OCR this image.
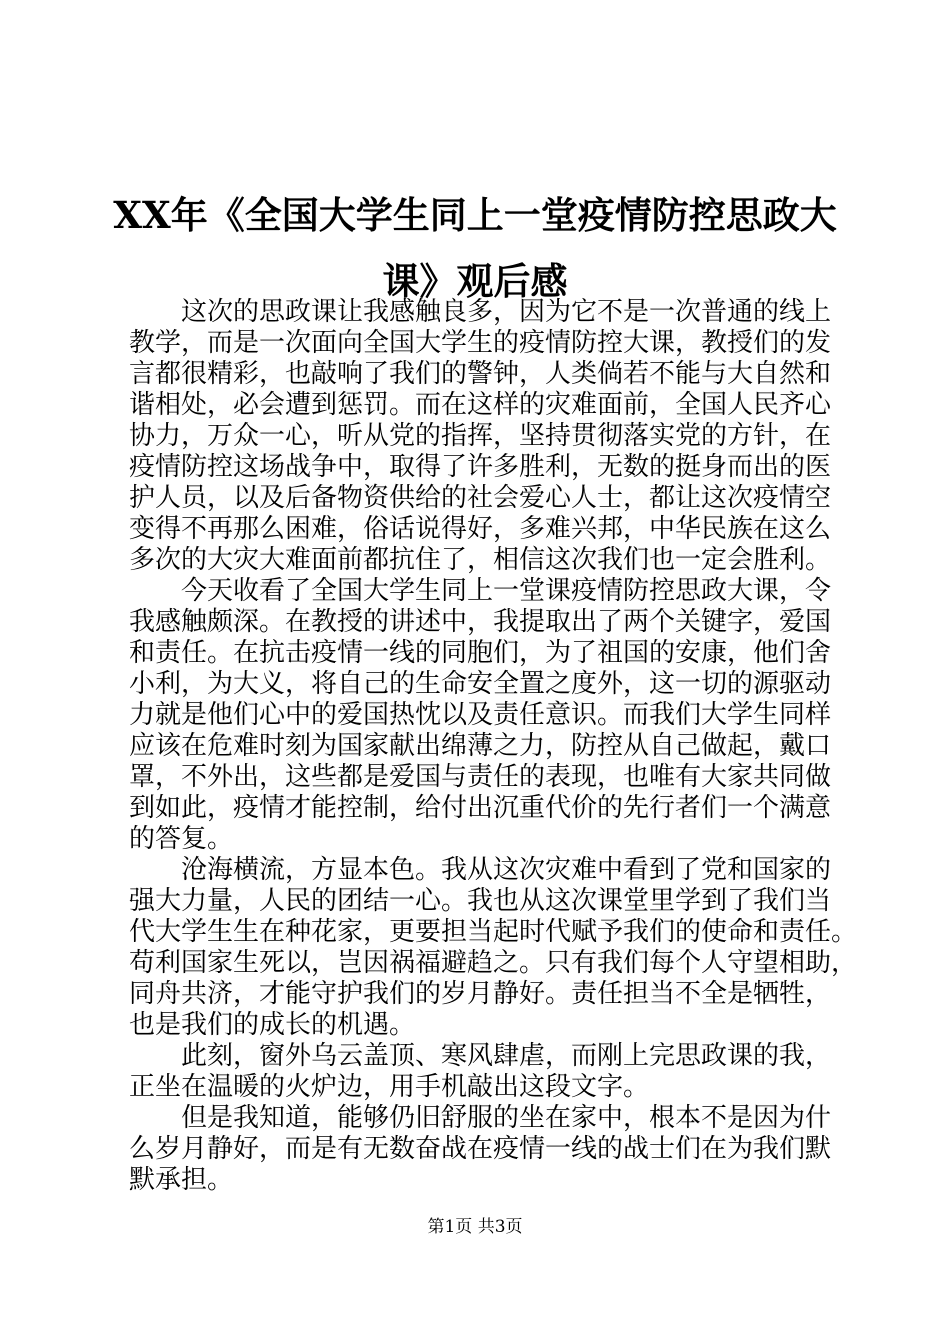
XX年《全国大学生同上一堂疫情防控思政大
课》观后感
这次的思政课让我感触良多，因为它不是一次普通的线上
教学，而是一次面向全国大学生的疫情防控大课，教授们的发
言都很精彩，也敲响了我们的警钟，人类倘若不能与大自然和
谐相处，必会遭到惩罚。而在这样的灾难面前，全国人民齐心
协力，万众一心，听从党的指挥，坚持贯彻落实党的方针，在
疫情防控这场战争中，取得了许多胜利，无数的挺身而出的医
护人员，以及后备物资供给的社会爱心人士，都让这次疫情空
变得不再那么困难，俗话说得好，多难兴邦，中华民族在这么
多次的大灾大难面前都抗住了，相信这次我们也一定会胜利。
今天收看了全国大学生同上一堂课疫情防控思政大课，令
我感触颇深。在教授的讲述中，我提取出了两个关键字，爱国
和责任。在抗击疫情一线的同胞们，为了祖国的安康，他们舍
小利，为大义，将自己的生命安全置之度外，这一切的源驱动
力就是他们心中的爱国热忱以及责任意识。而我们大学生同样
应该在危难时刻为国家献出绵薄之力，防控从自己做起，戴口
罩，不外出，这些都是爱国与责任的表现，也唯有大家共同做
到如此，疫情才能控制，给付出沉重代价的先行者们一个满意
的答复。
沧海横流，方显本色。我从这次灾难中看到了党和国家的
强大力量，人民的团结一心。我也从这次课堂里学到了我们当
代大学生生在种花家，更要担当起时代赋予我们的使命和责任。
苟利国家生死以，岂因祸福避趋之。只有我们每个人守望相助，
同舟共济，才能守护我们的岁月静好。责任担当不全是牺牲，
也是我们的成长的机遇。
此刻，窗外乌云盖顶、寒风肆虐，而刚上完思政课的我，
正坐在温暖的火炉边，用手机敲出这段文字。
但是我知道，能够仍旧舒服的坐在家中，根本不是因为什
么岁月静好，而是有无数奋战在疫情一线的战士们在为我们默
默承担。
第1页 共3页
